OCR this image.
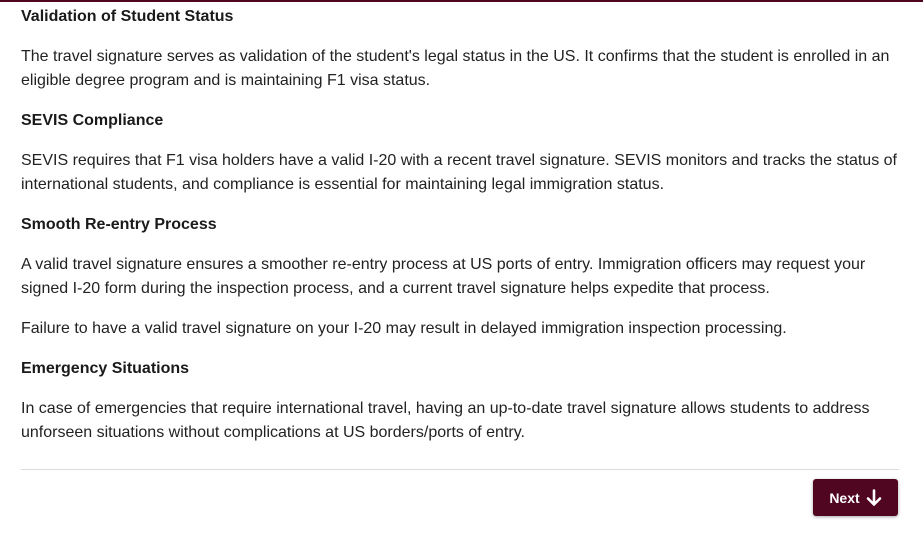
Validation of Student Status

The travel signature serves as validation of the student's legal status in the US. It confirms that the student is enrolled in an eligible degree program and is maintaining F1 visa status.

SEVIS Compliance

SEVIS requires that F1 visa holders have a valid I-20 with a recent travel signature. SEVIS monitors and tracks the status of international students, and compliance is essential for maintaining legal immigration status.

Smooth Re-entry Process

A valid travel signature ensures a smoother re-entry process at US ports of entry. Immigration officers may request your signed I-20 form during the inspection process, and a current travel signature helps expedite that process.

Failure to have a valid travel signature on your I-20 may result in delayed immigration inspection processing.

Emergency Situations

In case of emergencies that require international travel, having an up-to-date travel signature allows students to address unforseen situations without complications at US borders/ports of entry.

Next
